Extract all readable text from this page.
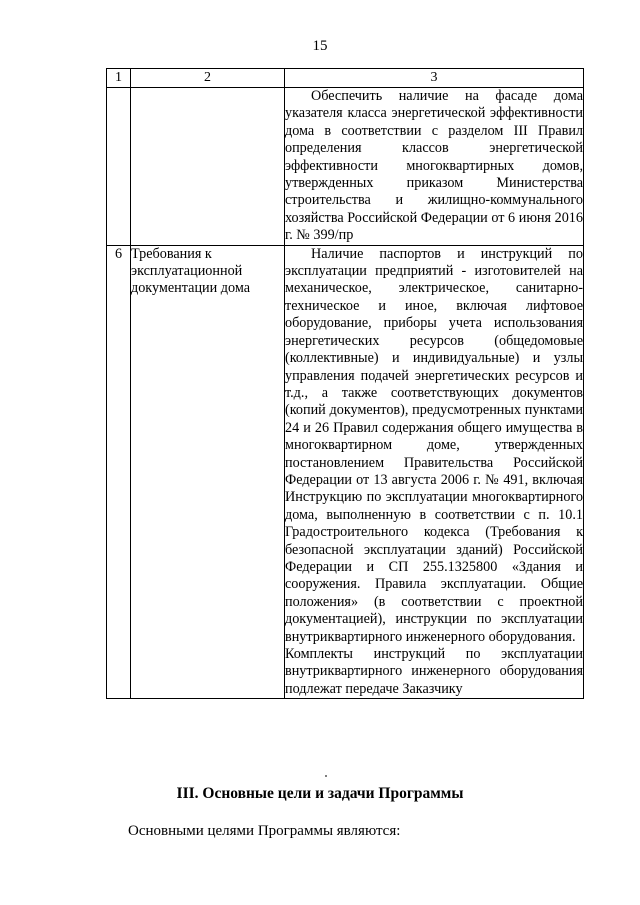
15
1	2	3

		Обеспечить наличие на фасаде дома указателя класса энергетической эффективности дома в соответствии с разделом III Правил определения классов энергетической эффективности многоквартирных домов, утвержденных приказом Министерства строительства и жилищно-коммунального хозяйства Российской Федерации от 6 июня 2016 г. № 399/пр

6	Требования к эксплуатационной документации дома	Наличие паспортов и инструкций по эксплуатации предприятий - изготовителей на механическое, электрическое, санитарно-техническое и иное, включая лифтовое оборудование, приборы учета использования энергетических ресурсов (общедомовые (коллективные) и индивидуальные) и узлы управления подачей энергетических ресурсов и т.д., а также соответствующих документов (копий документов), предусмотренных пунктами 24 и 26 Правил содержания общего имущества в многоквартирном доме, утвержденных постановлением Правительства Российской Федерации от 13 августа 2006 г. № 491, включая Инструкцию по эксплуатации многоквартирного дома, выполненную в соответствии с п. 10.1 Градостроительного кодекса (Требования к безопасной эксплуатации зданий) Российской Федерации и СП 255.1325800 «Здания и сооружения. Правила эксплуатации. Общие положения» (в соответствии с проектной документацией), инструкции по эксплуатации внутриквартирного инженерного оборудования.
Комплекты инструкций по эксплуатации внутриквартирного инженерного оборудования подлежат передаче Заказчику
III. Основные цели и задачи Программы
Основными целями Программы являются:
